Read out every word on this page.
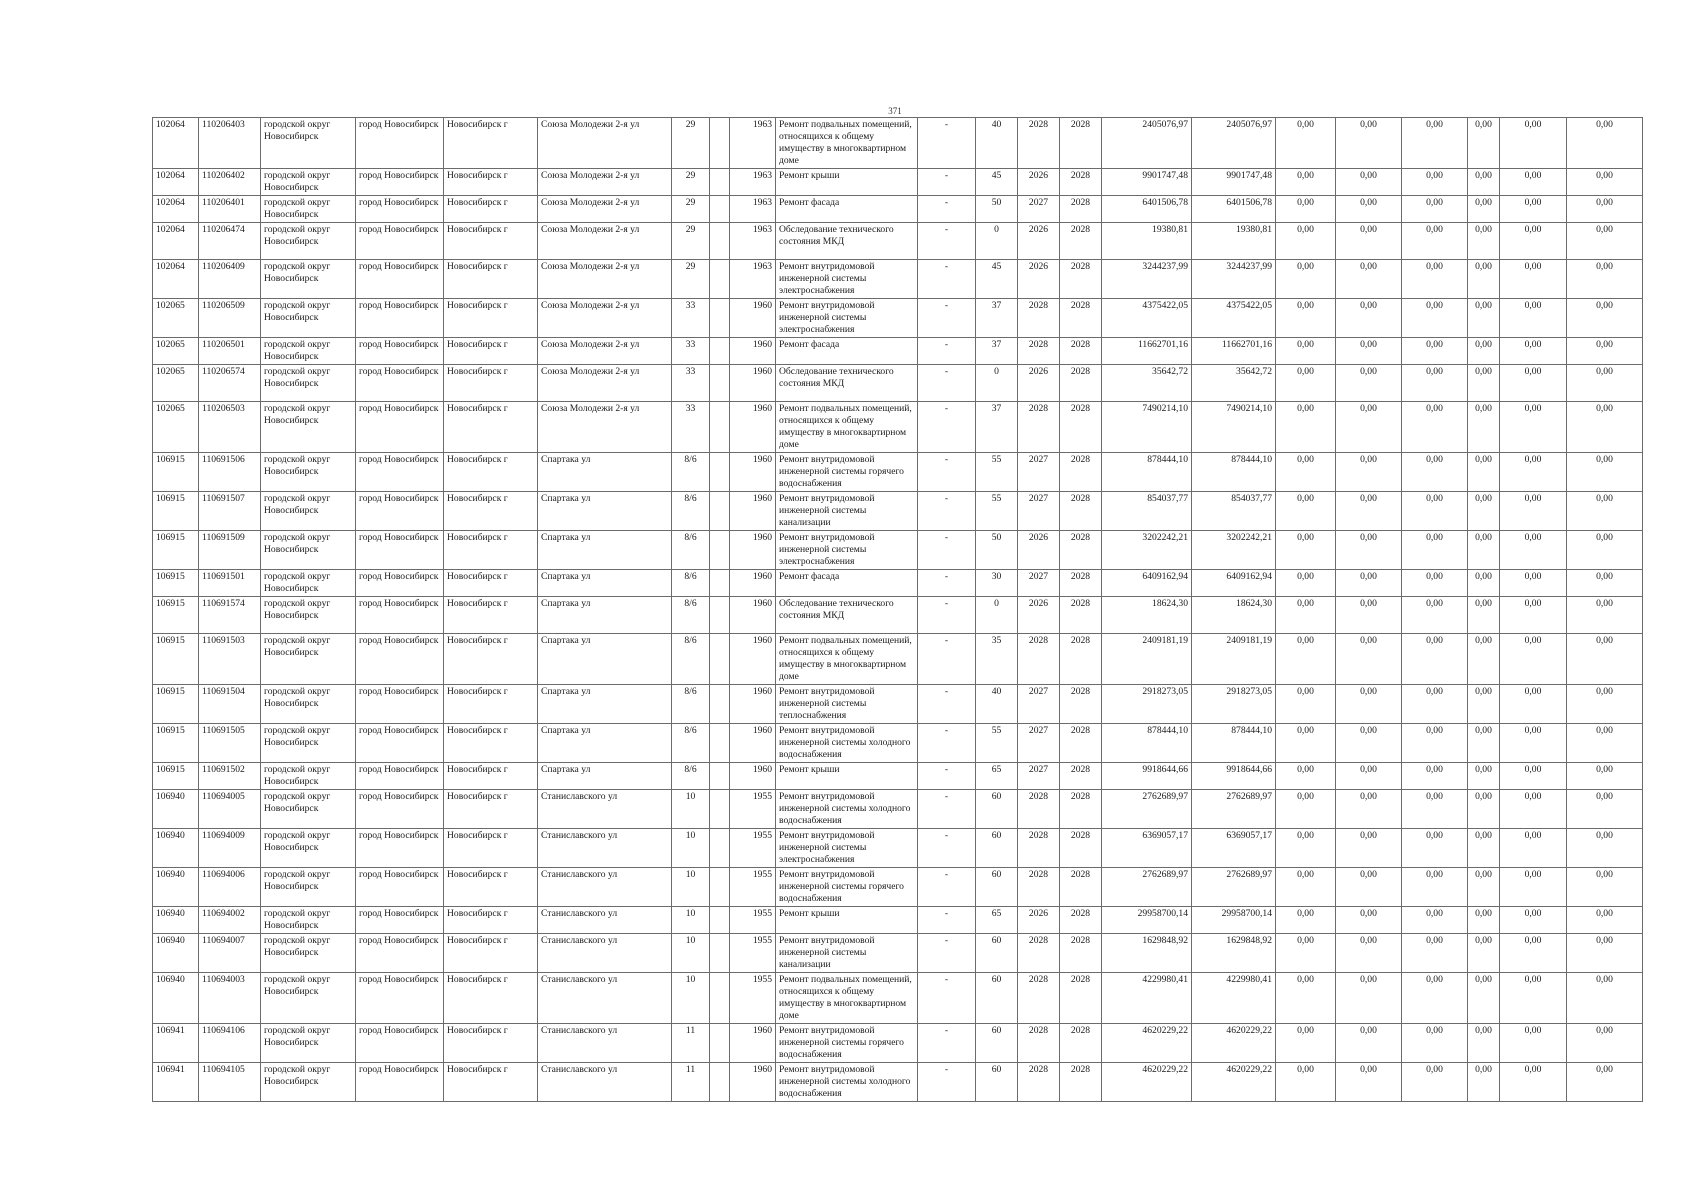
371
102064	110206403	городской округ Новосибирск	город Новосибирск	Новосибирск г	Союза Молодежи 2-я ул	29		1963	Ремонт подвальных помещений, относящихся к общему имуществу в многоквартирном доме	-	40	2028	2028	2405076,97	2405076,97	0,00	0,00	0,00	0,00	0,00	0,00
102064	110206402	городской округ Новосибирск	город Новосибирск	Новосибирск г	Союза Молодежи 2-я ул	29		1963	Ремонт крыши	-	45	2026	2028	9901747,48	9901747,48	0,00	0,00	0,00	0,00	0,00	0,00
102064	110206401	городской округ Новосибирск	город Новосибирск	Новосибирск г	Союза Молодежи 2-я ул	29		1963	Ремонт фасада	-	50	2027	2028	6401506,78	6401506,78	0,00	0,00	0,00	0,00	0,00	0,00
102064	110206474	городской округ Новосибирск	город Новосибирск	Новосибирск г	Союза Молодежи 2-я ул	29		1963	Обследование технического состояния МКД	-	0	2026	2028	19380,81	19380,81	0,00	0,00	0,00	0,00	0,00	0,00
102064	110206409	городской округ Новосибирск	город Новосибирск	Новосибирск г	Союза Молодежи 2-я ул	29		1963	Ремонт внутридомовой инженерной системы электроснабжения	-	45	2026	2028	3244237,99	3244237,99	0,00	0,00	0,00	0,00	0,00	0,00
102065	110206509	городской округ Новосибирск	город Новосибирск	Новосибирск г	Союза Молодежи 2-я ул	33		1960	Ремонт внутридомовой инженерной системы электроснабжения	-	37	2028	2028	4375422,05	4375422,05	0,00	0,00	0,00	0,00	0,00	0,00
102065	110206501	городской округ Новосибирск	город Новосибирск	Новосибирск г	Союза Молодежи 2-я ул	33		1960	Ремонт фасада	-	37	2028	2028	11662701,16	11662701,16	0,00	0,00	0,00	0,00	0,00	0,00
102065	110206574	городской округ Новосибирск	город Новосибирск	Новосибирск г	Союза Молодежи 2-я ул	33		1960	Обследование технического состояния МКД	-	0	2026	2028	35642,72	35642,72	0,00	0,00	0,00	0,00	0,00	0,00
102065	110206503	городской округ Новосибирск	город Новосибирск	Новосибирск г	Союза Молодежи 2-я ул	33		1960	Ремонт подвальных помещений, относящихся к общему имуществу в многоквартирном доме	-	37	2028	2028	7490214,10	7490214,10	0,00	0,00	0,00	0,00	0,00	0,00
106915	110691506	городской округ Новосибирск	город Новосибирск	Новосибирск г	Спартака ул	8/6		1960	Ремонт внутридомовой инженерной системы горячего водоснабжения	-	55	2027	2028	878444,10	878444,10	0,00	0,00	0,00	0,00	0,00	0,00
106915	110691507	городской округ Новосибирск	город Новосибирск	Новосибирск г	Спартака ул	8/6		1960	Ремонт внутридомовой инженерной системы канализации	-	55	2027	2028	854037,77	854037,77	0,00	0,00	0,00	0,00	0,00	0,00
106915	110691509	городской округ Новосибирск	город Новосибирск	Новосибирск г	Спартака ул	8/6		1960	Ремонт внутридомовой инженерной системы электроснабжения	-	50	2026	2028	3202242,21	3202242,21	0,00	0,00	0,00	0,00	0,00	0,00
106915	110691501	городской округ Новосибирск	город Новосибирск	Новосибирск г	Спартака ул	8/6		1960	Ремонт фасада	-	30	2027	2028	6409162,94	6409162,94	0,00	0,00	0,00	0,00	0,00	0,00
106915	110691574	городской округ Новосибирск	город Новосибирск	Новосибирск г	Спартака ул	8/6		1960	Обследование технического состояния МКД	-	0	2026	2028	18624,30	18624,30	0,00	0,00	0,00	0,00	0,00	0,00
106915	110691503	городской округ Новосибирск	город Новосибирск	Новосибирск г	Спартака ул	8/6		1960	Ремонт подвальных помещений, относящихся к общему имуществу в многоквартирном доме	-	35	2028	2028	2409181,19	2409181,19	0,00	0,00	0,00	0,00	0,00	0,00
106915	110691504	городской округ Новосибирск	город Новосибирск	Новосибирск г	Спартака ул	8/6		1960	Ремонт внутридомовой инженерной системы теплоснабжения	-	40	2027	2028	2918273,05	2918273,05	0,00	0,00	0,00	0,00	0,00	0,00
106915	110691505	городской округ Новосибирск	город Новосибирск	Новосибирск г	Спартака ул	8/6		1960	Ремонт внутридомовой инженерной системы холодного водоснабжения	-	55	2027	2028	878444,10	878444,10	0,00	0,00	0,00	0,00	0,00	0,00
106915	110691502	городской округ Новосибирск	город Новосибирск	Новосибирск г	Спартака ул	8/6		1960	Ремонт крыши	-	65	2027	2028	9918644,66	9918644,66	0,00	0,00	0,00	0,00	0,00	0,00
106940	110694005	городской округ Новосибирск	город Новосибирск	Новосибирск г	Станиславского ул	10		1955	Ремонт внутридомовой инженерной системы холодного водоснабжения	-	60	2028	2028	2762689,97	2762689,97	0,00	0,00	0,00	0,00	0,00	0,00
106940	110694009	городской округ Новосибирск	город Новосибирск	Новосибирск г	Станиславского ул	10		1955	Ремонт внутридомовой инженерной системы электроснабжения	-	60	2028	2028	6369057,17	6369057,17	0,00	0,00	0,00	0,00	0,00	0,00
106940	110694006	городской округ Новосибирск	город Новосибирск	Новосибирск г	Станиславского ул	10		1955	Ремонт внутридомовой инженерной системы горячего водоснабжения	-	60	2028	2028	2762689,97	2762689,97	0,00	0,00	0,00	0,00	0,00	0,00
106940	110694002	городской округ Новосибирск	город Новосибирск	Новосибирск г	Станиславского ул	10		1955	Ремонт крыши	-	65	2026	2028	29958700,14	29958700,14	0,00	0,00	0,00	0,00	0,00	0,00
106940	110694007	городской округ Новосибирск	город Новосибирск	Новосибирск г	Станиславского ул	10		1955	Ремонт внутридомовой инженерной системы канализации	-	60	2028	2028	1629848,92	1629848,92	0,00	0,00	0,00	0,00	0,00	0,00
106940	110694003	городской округ Новосибирск	город Новосибирск	Новосибирск г	Станиславского ул	10		1955	Ремонт подвальных помещений, относящихся к общему имуществу в многоквартирном доме	-	60	2028	2028	4229980,41	4229980,41	0,00	0,00	0,00	0,00	0,00	0,00
106941	110694106	городской округ Новосибирск	город Новосибирск	Новосибирск г	Станиславского ул	11		1960	Ремонт внутридомовой инженерной системы горячего водоснабжения	-	60	2028	2028	4620229,22	4620229,22	0,00	0,00	0,00	0,00	0,00	0,00
106941	110694105	городской округ Новосибирск	город Новосибирск	Новосибирск г	Станиславского ул	11		1960	Ремонт внутридомовой инженерной системы холодного водоснабжения	-	60	2028	2028	4620229,22	4620229,22	0,00	0,00	0,00	0,00	0,00	0,00
